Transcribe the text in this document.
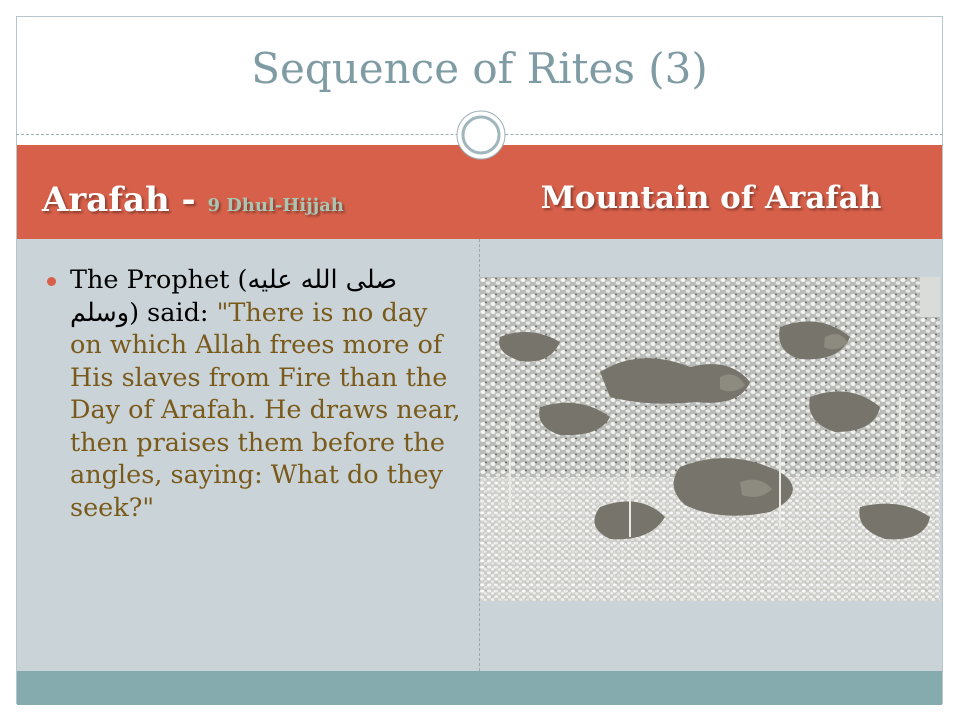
Sequence of Rites (3)
Arafah - 9 Dhul-Hijjah	Mountain of Arafah
The Prophet (صلى الله عليه وسلم) said: "There is no day on which Allah frees more of His slaves from Fire than the Day of Arafah. He draws near, then praises them before the angles, saying: What do they seek?"
